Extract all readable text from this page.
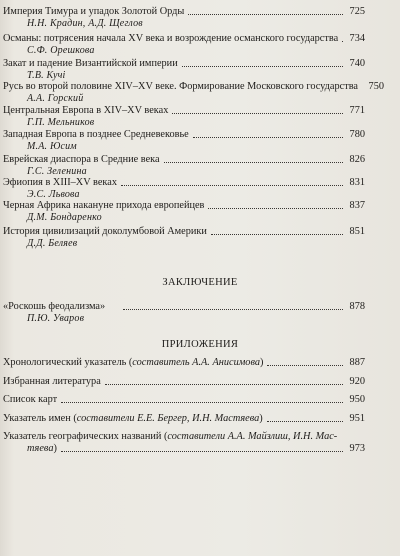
Империя Тимура и упадок Золотой Орды	725
Н.Н. Крадин, А.Д. Щеглов
Османы: потрясения начала XV века и возрождение османского государства 734
С.Ф. Орешкова
Закат и падение Византийской империи	740
Т.В. Кучі
Русь во второй половине XIV–XV веке. Формирование Московского государства 750
А.А. Горский
Центральная Европа в XIV–XV веках	771
Г.П. Мельников
Западная Европа в позднее Средневековье	780
М.А. Юсим
Еврейская диаспора в Средние века	826
Г.С. Зеленина
Эфиопия в XIII–XV веках	831
Э.С. Львова
Черная Африка накануне прихода европейцев	837
Д.М. Бондаренко
История цивилизаций доколумбовой Америки	851
Д.Д. Беляев
ЗАКЛЮЧЕНИЕ
«Роскошь феодализма»	878
П.Ю. Уваров
ПРИЛОЖЕНИЯ
Хронологический указатель (составитель А.А. Анисимова)	887
Избранная литература	920
Список карт	950
Указатель имен (составители Е.Е. Бергер, И.Н. Мастяева)	951
Указатель географических названий ( составители А.А. Майзлиш, И.Н. Мас-
тяева)	973
